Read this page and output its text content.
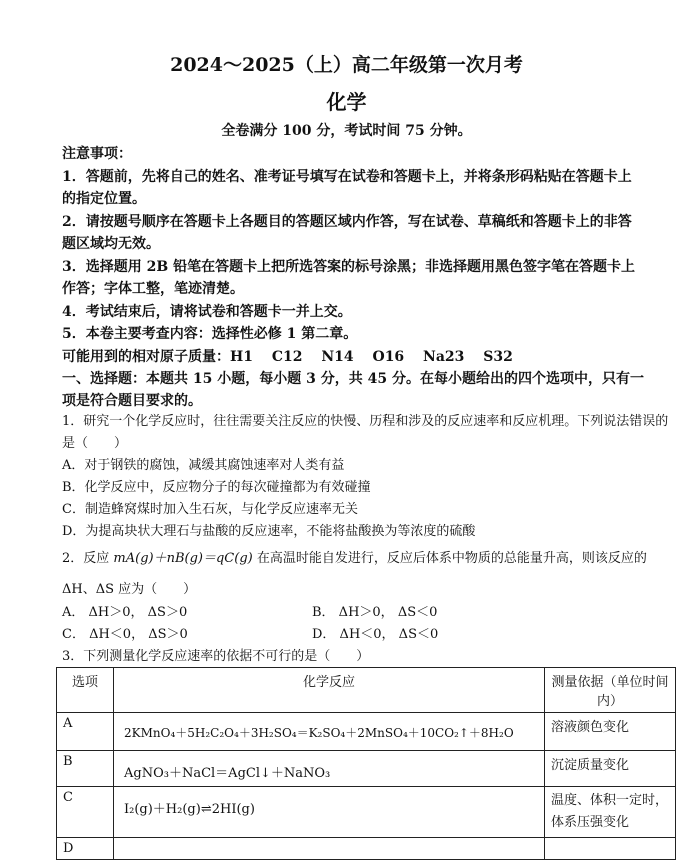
2024～2025（上）高二年级第一次月考
化学
全卷满分 100 分，考试时间 75 分钟。
注意事项：
1．答题前，先将自己的姓名、准考证号填写在试卷和答题卡上，并将条形码粘贴在答题卡上
的指定位置。
2．请按题号顺序在答题卡上各题目的答题区域内作答，写在试卷、草稿纸和答题卡上的非答
题区域均无效。
3．选择题用 2B 铅笔在答题卡上把所选答案的标号涂黑；非选择题用黑色签字笔在答题卡上
作答；字体工整，笔迹清楚。
4．考试结束后，请将试卷和答题卡一并上交。
5．本卷主要考查内容：选择性必修 1 第二章。
可能用到的相对原子质量：H1　 C12　 N14　 O16　 Na23　 S32
一、选择题：本题共 15 小题，每小题 3 分，共 45 分。在每小题给出的四个选项中，只有一
项是符合题目要求的。
1．研究一个化学反应时，往往需要关注反应的快慢、历程和涉及的反应速率和反应机理。下列说法错误的
是（　　）
A．对于钢铁的腐蚀，减缓其腐蚀速率对人类有益
B．化学反应中，反应物分子的每次碰撞都为有效碰撞
C．制造蜂窝煤时加入生石灰，与化学反应速率无关
D．为提高块状大理石与盐酸的反应速率，不能将盐酸换为等浓度的硫酸
2．反应 mA(g)＋nB(g)＝qC(g) 在高温时能自发进行，反应后体系中物质的总能量升高，则该反应的
ΔH、ΔS 应为（　　）
A． ΔH＞0， ΔS＞0	B． ΔH＞0， ΔS＜0
C． ΔH＜0， ΔS＞0	D． ΔH＜0， ΔS＜0
3．下列测量化学反应速率的依据不可行的是（　　）
选项	化学反应	测量依据（单位时间内）
A	2KMnO₄＋5H₂C₂O₄＋3H₂SO₄＝K₂SO₄＋2MnSO₄＋10CO₂↑＋8H₂O	溶液颜色变化
B	AgNO₃＋NaCl＝AgCl↓＋NaNO₃	沉淀质量变化
C	I₂(g)＋H₂(g)⇌2HI(g)	温度、体积一定时，体系压强变化
D		
